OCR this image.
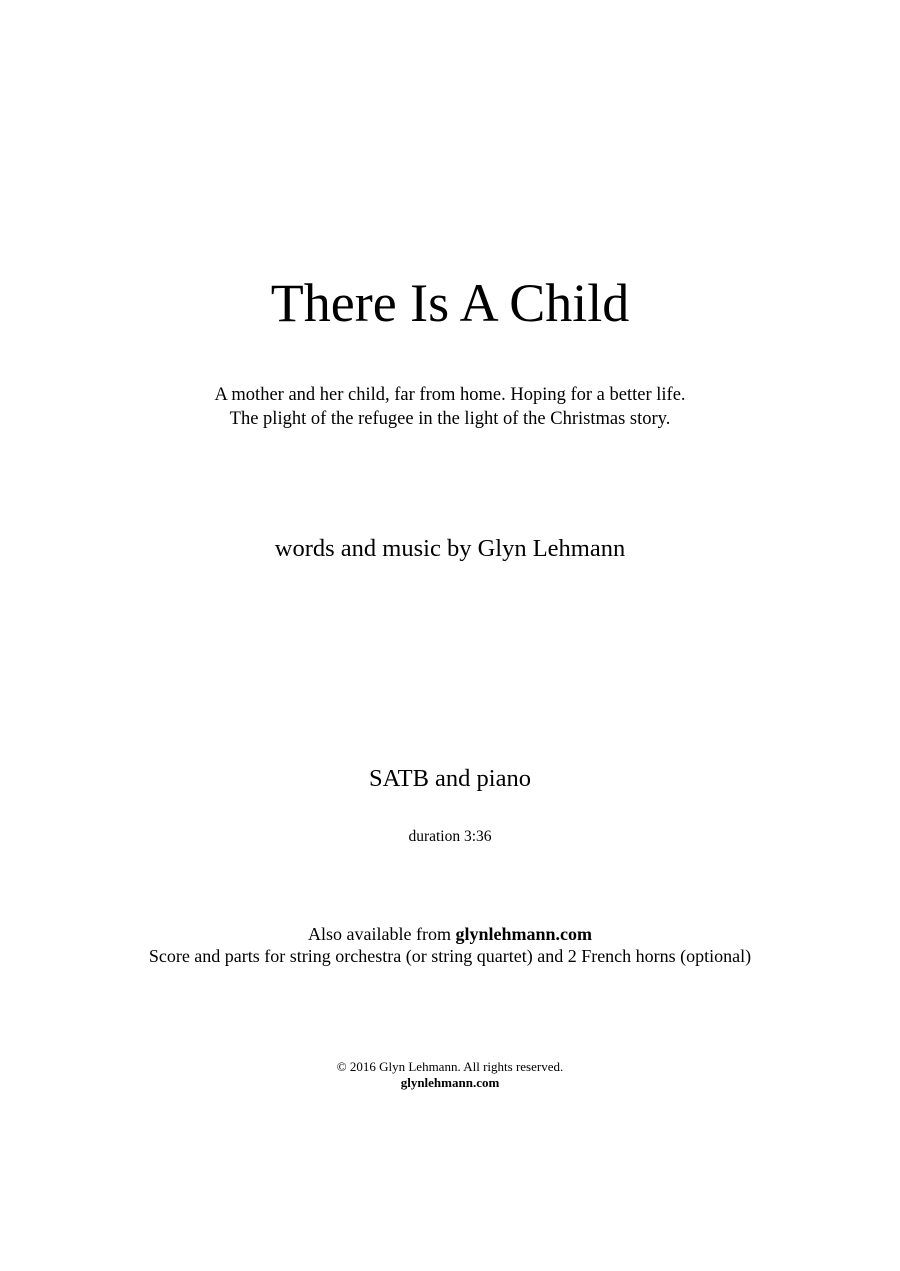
There Is A Child
A mother and her child, far from home. Hoping for a better life.
The plight of the refugee in the light of the Christmas story.
words and music by Glyn Lehmann
SATB and piano
duration 3:36
Also available from glynlehmann.com
Score and parts for string orchestra (or string quartet) and 2 French horns (optional)
© 2016 Glyn Lehmann. All rights reserved.
glynlehmann.com
